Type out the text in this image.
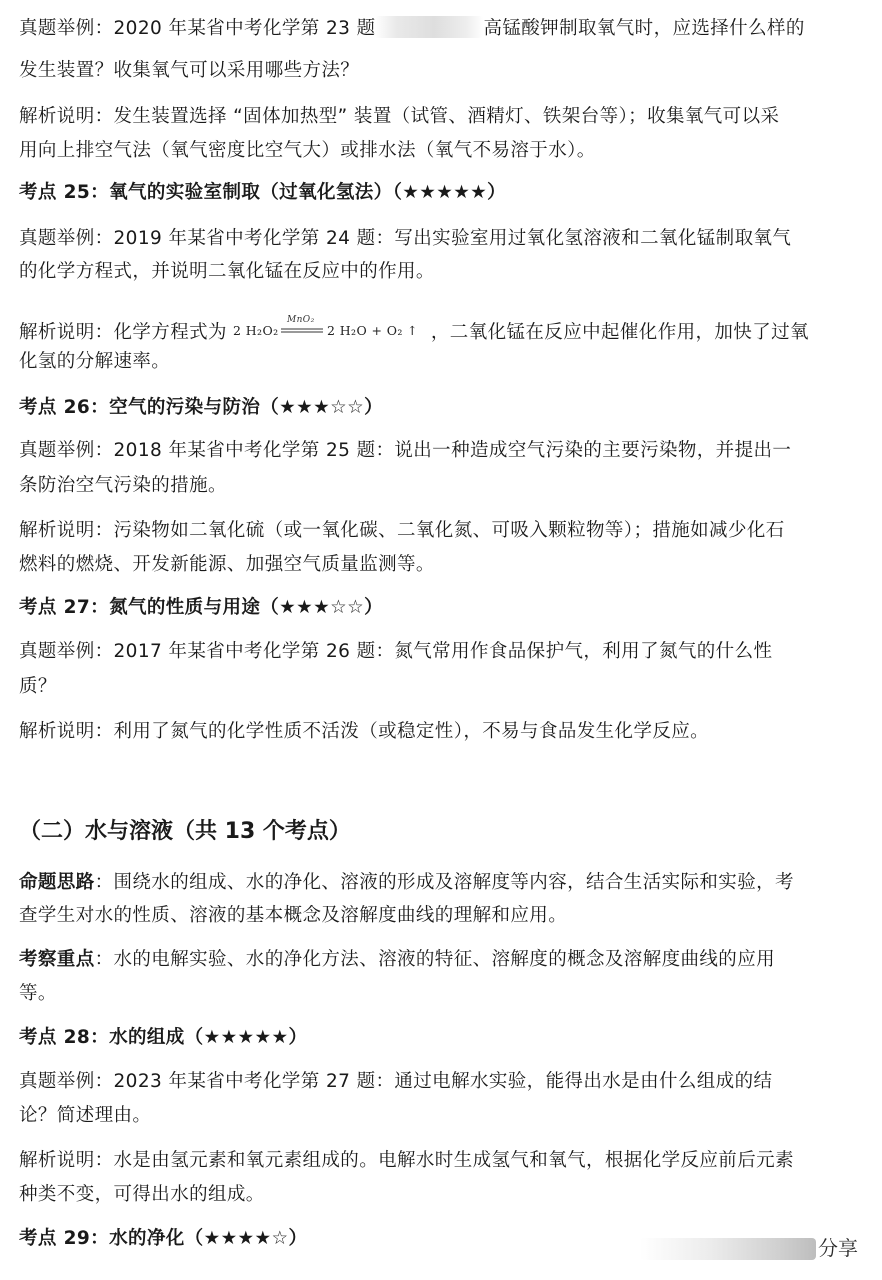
真题举例：2020 年某省中考化学第 23 题	高锰酸钾制取氧气时，应选择什么样的
发生装置？收集氧气可以采用哪些方法？
解析说明：发生装置选择 “固体加热型” 装置（试管、酒精灯、铁架台等）；收集氧气可以采
用向上排空气法（氧气密度比空气大）或排水法（氧气不易溶于水）。
考点 25：氧气的实验室制取（过氧化氢法）（★★★★★）
真题举例：2019 年某省中考化学第 24 题：写出实验室用过氧化氢溶液和二氧化锰制取氧气
的化学方程式，并说明二氧化锰在反应中的作用。
解析说明：化学方程式为 2 H₂O₂
MnO₂
2 H₂O + O₂ ↑ ，二氧化锰在反应中起催化作用，加快了过氧
化氢的分解速率。
考点 26：空气的污染与防治（★★★☆☆）
真题举例：2018 年某省中考化学第 25 题：说出一种造成空气污染的主要污染物，并提出一
条防治空气污染的措施。
解析说明：污染物如二氧化硫（或一氧化碳、二氧化氮、可吸入颗粒物等）；措施如减少化石
燃料的燃烧、开发新能源、加强空气质量监测等。
考点 27：氮气的性质与用途（★★★☆☆）
真题举例：2017 年某省中考化学第 26 题：氮气常用作食品保护气，利用了氮气的什么性
质？
解析说明：利用了氮气的化学性质不活泼（或稳定性），不易与食品发生化学反应。
（二）水与溶液（共 13 个考点）
命题思路：围绕水的组成、水的净化、溶液的形成及溶解度等内容，结合生活实际和实验，考
查学生对水的性质、溶液的基本概念及溶解度曲线的理解和应用。
考察重点：水的电解实验、水的净化方法、溶液的特征、溶解度的概念及溶解度曲线的应用
等。
考点 28：水的组成（★★★★★）
真题举例：2023 年某省中考化学第 27 题：通过电解水实验，能得出水是由什么组成的结
论？简述理由。
解析说明：水是由氢元素和氧元素组成的。电解水时生成氢气和氧气，根据化学反应前后元素
种类不变，可得出水的组成。
考点 29：水的净化（★★★★☆）	分享
